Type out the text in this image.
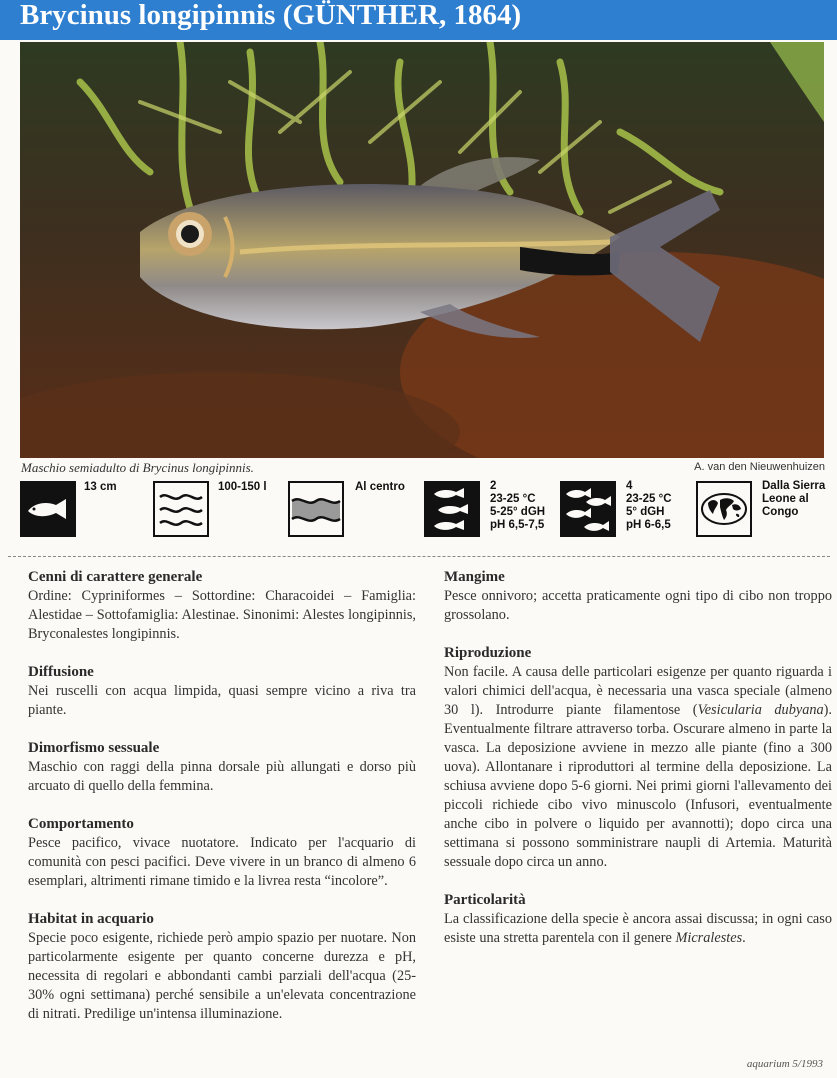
Brycinus longipinnis (GÜNTHER, 1864)
Maschio semiadulto di Brycinus longipinnis.	A. van den Nieuwenhuizen
13 cm	100-150 l	Al centro	2
23-25 °C
5-25° dGH
pH 6,5-7,5
4
23-25 °C
5° dGH
pH 6-6,5
Dalla Sierra
Leone al
Congo
Cenni di carattere generale

Ordine: Cypriniformes – Sottordine: Characoidei – Famiglia: Alestidae – Sottofamiglia: Alestinae. Sinonimi: Alestes longipinnis, Bryconalestes longipinnis.

Diffusione

Nei ruscelli con acqua limpida, quasi sempre vicino a riva tra piante.

Dimorfismo sessuale

Maschio con raggi della pinna dorsale più allungati e dorso più arcuato di quello della femmina.

Comportamento

Pesce pacifico, vivace nuotatore. Indicato per l'acquario di comunità con pesci pacifici. Deve vivere in un branco di almeno 6 esemplari, altrimenti rimane timido e la livrea resta “incolore”.

Habitat in acquario

Specie poco esigente, richiede però ampio spazio per nuotare. Non particolarmente esigente per quanto concerne durezza e pH, necessita di regolari e abbondanti cambi parziali dell'acqua (25-30% ogni settimana) perché sensibile a un'elevata concentrazione di nitrati. Predilige un'intensa illuminazione.

Mangime

Pesce onnivoro; accetta praticamente ogni tipo di cibo non troppo grossolano.

Riproduzione

Non facile. A causa delle particolari esigenze per quanto riguarda i valori chimici dell'acqua, è necessaria una vasca speciale (almeno 30 l). Introdurre piante filamentose (Vesicularia dubyana). Eventualmente filtrare attraverso torba. Oscurare almeno in parte la vasca. La deposizione avviene in mezzo alle piante (fino a 300 uova). Allontanare i riproduttori al termine della deposizione. La schiusa avviene dopo 5-6 giorni. Nei primi giorni l'allevamento dei piccoli richiede cibo vivo minuscolo (Infusori, eventualmente anche cibo in polvere o liquido per avannotti); dopo circa una settimana si possono somministrare naupli di Artemia. Maturità sessuale dopo circa un anno.

Particolarità

La classificazione della specie è ancora assai discussa; in ogni caso esiste una stretta parentela con il genere Micralestes.

aquarium 5/1993
